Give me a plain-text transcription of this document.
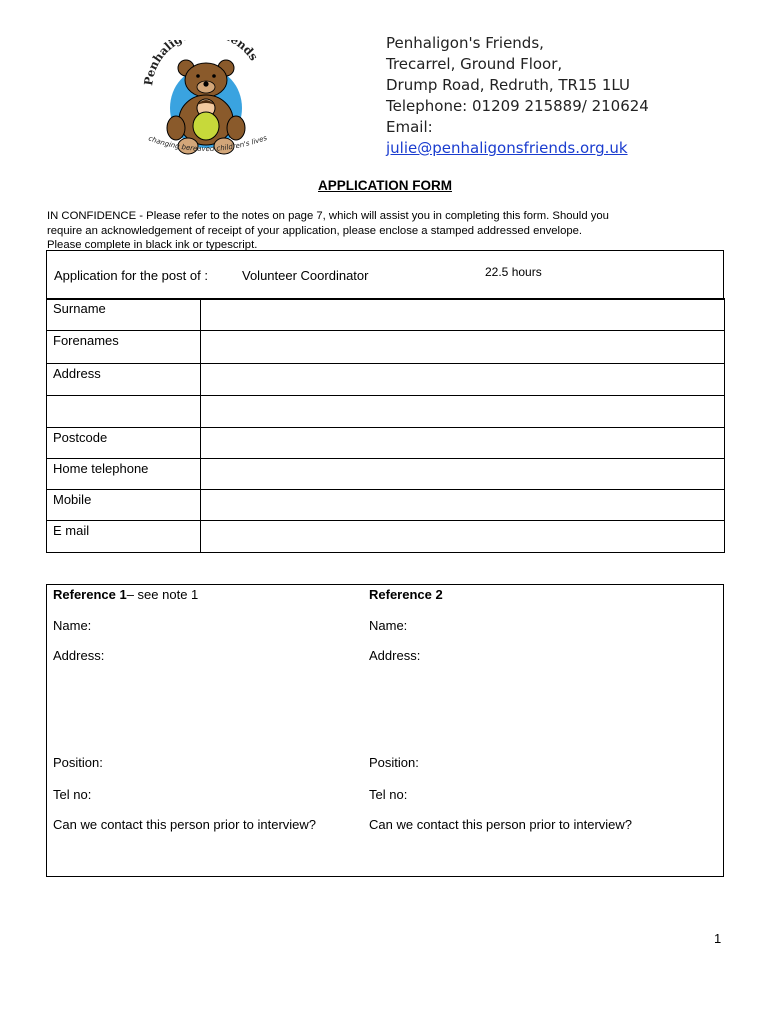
Penhali nds
changing bereaved children's lives
Penhaligon's Friends,
Trecarrel, Ground Floor,
Drump Road, Redruth, TR15 1LU
Telephone: 01209 215889/ 210624
Email:
julie@penhaligonsfriends.org.uk
APPLICATION FORM

IN CONFIDENCE - Please refer to the notes on page 7, which will assist you in completing this form. Should you

require an acknowledgement of receipt of your application, please enclose a stamped addressed envelope.

Please complete in black ink or typescript.

Application for the post of :	Volunteer Coordinator	22.5 hours
Surname	
Forenames	
Address	

Postcode	
Home telephone	
Mobile	
E mail	
Reference 1– see note 1	Reference 2
Name:	Name:
Address:	Address:
Position:	Position:
Tel no:	Tel no:
Can we contact this person prior to interview?	Can we contact this person prior to interview?
1
